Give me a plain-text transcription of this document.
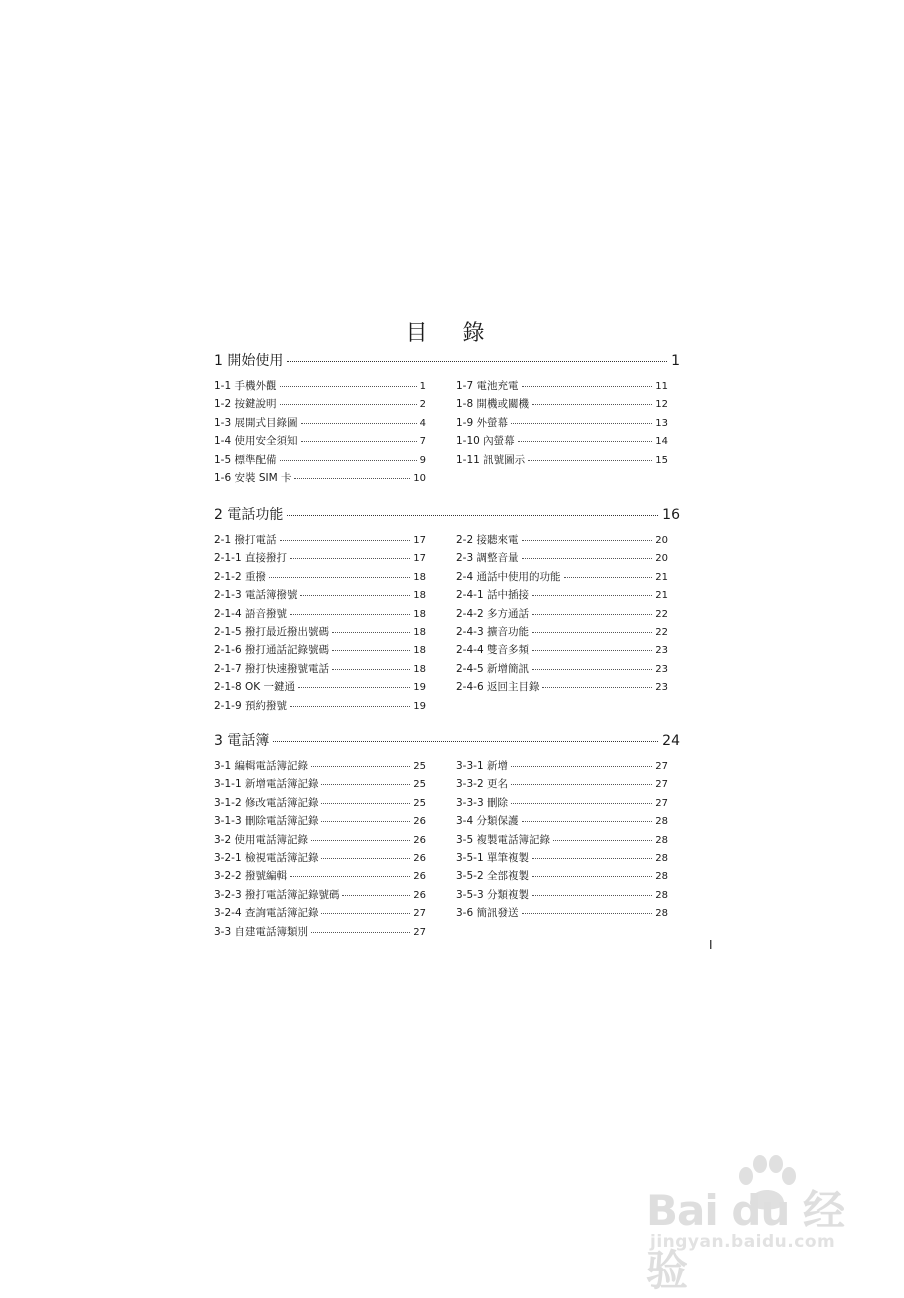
目 錄
1 開始使用	1
1-1 手機外觀	1
1-2 按鍵說明	2
1-3 展開式目錄圖	4
1-4 使用安全須知	7
1-5 標準配備	9
1-6 安裝 SIM 卡	10
1-7 電池充電	11
1-8 開機或關機	12
1-9 外螢幕	13
1-10 內螢幕	14
1-11 訊號圖示	15
2 電話功能	16
2-1 撥打電話	17
2-1-1 直接撥打	17
2-1-2 重撥	18
2-1-3 電話簿撥號	18
2-1-4 語音撥號	18
2-1-5 撥打最近撥出號碼	18
2-1-6 撥打通話記錄號碼	18
2-1-7 撥打快速撥號電話	18
2-1-8 OK 一鍵通	19
2-1-9 預約撥號	19
2-2 接聽來電	20
2-3 調整音量	20
2-4 通話中使用的功能	21
2-4-1 話中插接	21
2-4-2 多方通話	22
2-4-3 擴音功能	22
2-4-4 雙音多頻	23
2-4-5 新增簡訊	23
2-4-6 返回主目錄	23
3 電話簿	24
3-1 編輯電話簿記錄	25
3-1-1 新增電話簿記錄	25
3-1-2 修改電話簿記錄	25
3-1-3 刪除電話簿記錄	26
3-2 使用電話簿記錄	26
3-2-1 檢視電話簿記錄	26
3-2-2 撥號編輯	26
3-2-3 撥打電話簿記錄號碼	26
3-2-4 查詢電話簿記錄	27
3-3 自建電話簿類別	27
3-3-1 新增	27
3-3-2 更名	27
3-3-3 刪除	27
3-4 分類保護	28
3-5 複製電話簿記錄	28
3-5-1 單筆複製	28
3-5-2 全部複製	28
3-5-3 分類複製	28
3-6 簡訊發送	28
I
Bai du 经验
jingyan.baidu.com
